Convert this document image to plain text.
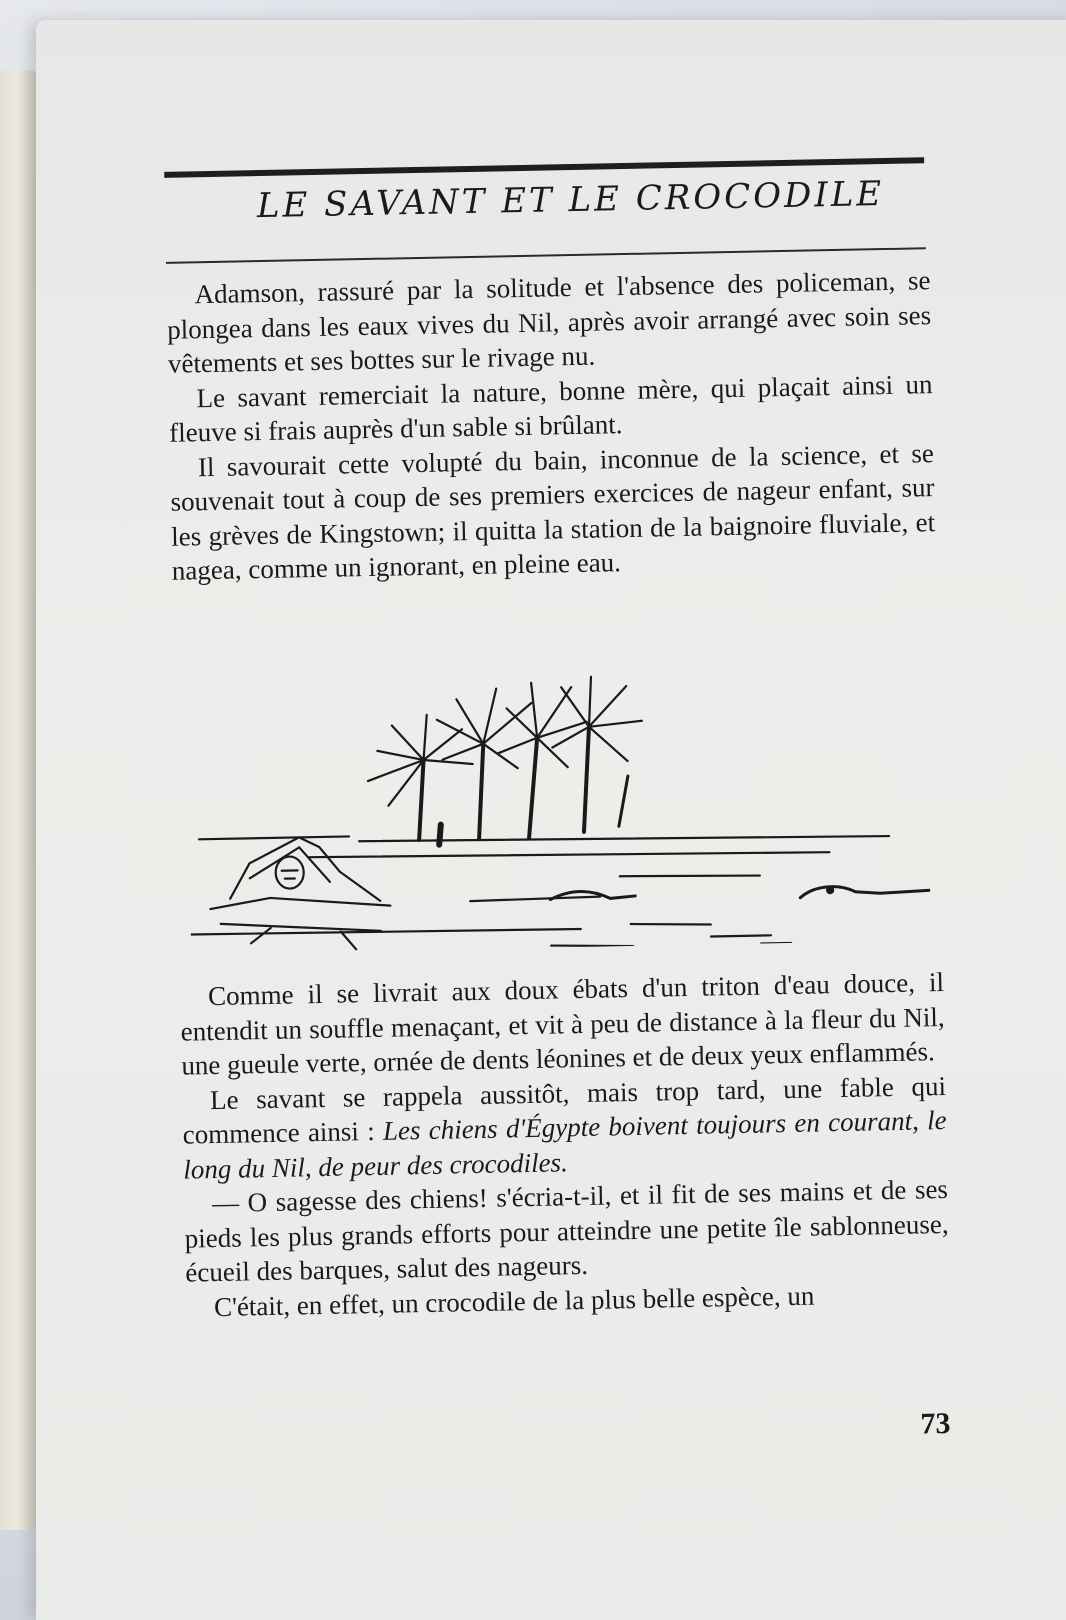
LE SAVANT ET LE CROCODILE

Adamson, rassuré par la solitude et l'absence des policeman, se plongea dans les eaux vives du Nil, après avoir arrangé avec soin ses vêtements et ses bottes sur le rivage nu.

Le savant remerciait la nature, bonne mère, qui plaçait ainsi un fleuve si frais auprès d'un sable si brûlant.

Il savourait cette volupté du bain, inconnue de la science, et se souvenait tout à coup de ses premiers exercices de nageur enfant, sur les grèves de Kingstown; il quitta la station de la baignoire fluviale, et nagea, comme un ignorant, en pleine eau.

Comme il se livrait aux doux ébats d'un triton d'eau douce, il entendit un souffle menaçant, et vit à peu de distance à la fleur du Nil, une gueule verte, ornée de dents léonines et de deux yeux enflammés.

Le savant se rappela aussitôt, mais trop tard, une fable qui commence ainsi : Les chiens d'Égypte boivent toujours en courant, le long du Nil, de peur des crocodiles.

— O sagesse des chiens! s'écria-t-il, et il fit de ses mains et de ses pieds les plus grands efforts pour atteindre une petite île sablonneuse, écueil des barques, salut des nageurs.

C'était, en effet, un crocodile de la plus belle espèce, un

73
